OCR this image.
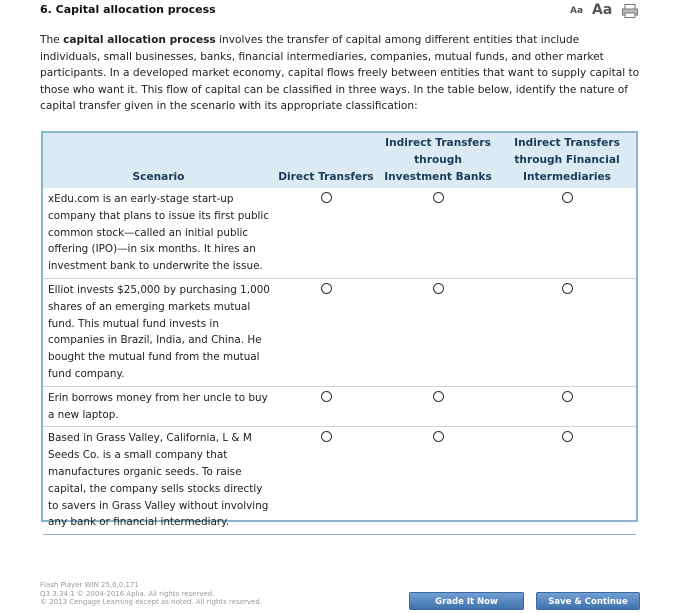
6. Capital allocation process	Aa Aa
The capital allocation process involves the transfer of capital among different entities that include individuals, small businesses, banks, financial intermediaries, companies, mutual funds, and other market participants. In a developed market economy, capital flows freely between entities that want to supply capital to those who want it. This flow of capital can be classified in three ways. In the table below, identify the nature of capital transfer given in the scenario with its appropriate classification:
Scenario	Direct Transfers	Indirect Transfers through Investment Banks	Indirect Transfers through Financial Intermediaries
xEdu.com is an early-stage start-up company that plans to issue its first public common stock—called an initial public offering (IPO)—in six months. It hires an investment bank to underwrite the issue.			
Elliot invests $25,000 by purchasing 1,000 shares of an emerging markets mutual fund. This mutual fund invests in companies in Brazil, India, and China. He bought the mutual fund from the mutual fund company.			
Erin borrows money from her uncle to buy a new laptop.			
Based in Grass Valley, California, L & M Seeds Co. is a small company that manufactures organic seeds. To raise capital, the company sells stocks directly to savers in Grass Valley without involving any bank or financial intermediary.			
Flash Player WIN 25,0,0,171
Q3 3:34.1 © 2004-2016 Aplia. All rights reserved.
© 2013 Cengage Learning except as noted. All rights reserved.	Grade It Now	Save & Continue
